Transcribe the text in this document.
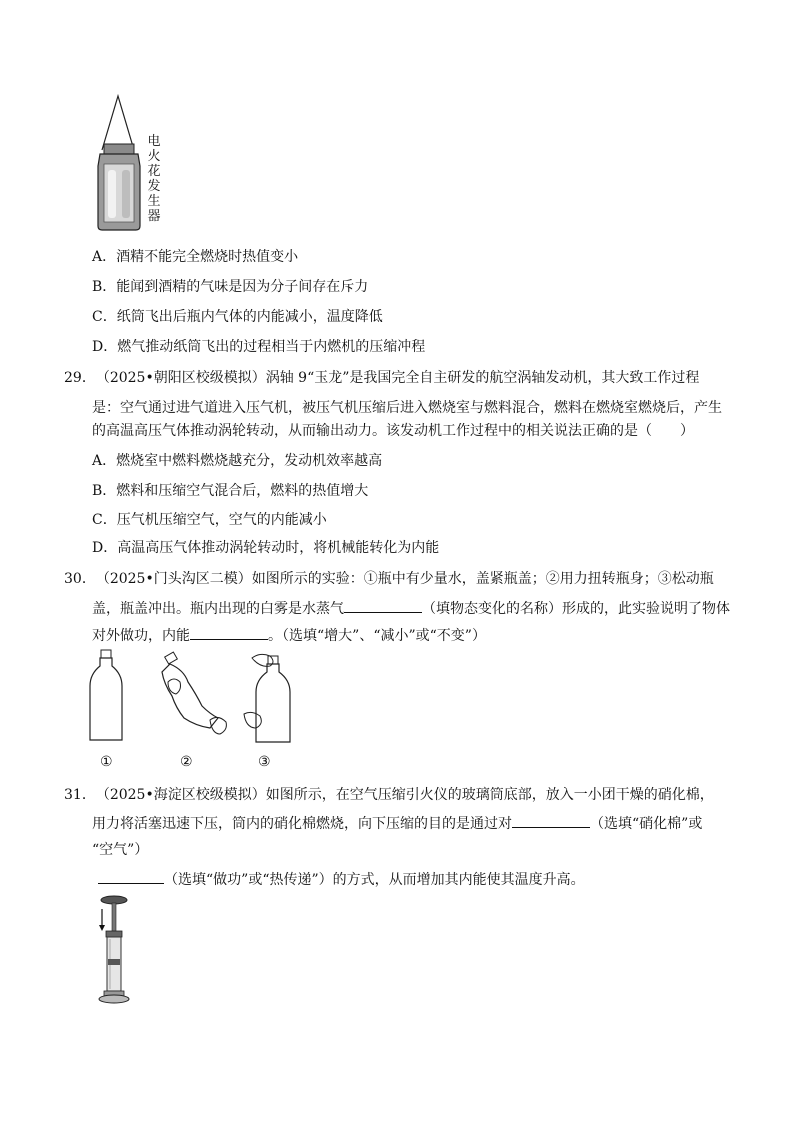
电
火
花
发
生
器
A．酒精不能完全燃烧时热值变小
B．能闻到酒精的气味是因为分子间存在斥力
C．纸筒飞出后瓶内气体的内能减小，温度降低
D．燃气推动纸筒飞出的过程相当于内燃机的压缩冲程
29．（2025•朝阳区校级模拟）涡轴 9“玉龙”是我国完全自主研发的航空涡轴发动机，其大致工作过程
是：空气通过进气道进入压气机，被压气机压缩后进入燃烧室与燃料混合，燃料在燃烧室燃烧后，产生
的高温高压气体推动涡轮转动，从而输出动力。该发动机工作过程中的相关说法正确的是（　　）
A．燃烧室中燃料燃烧越充分，发动机效率越高
B．燃料和压缩空气混合后，燃料的热值增大
C．压气机压缩空气，空气的内能减小
D．高温高压气体推动涡轮转动时，将机械能转化为内能
30．（2025•门头沟区二模）如图所示的实验：①瓶中有少量水，盖紧瓶盖；②用力扭转瓶身；③松动瓶
盖，瓶盖冲出。瓶内出现的白雾是水蒸气	（填物态变化的名称）形成的，此实验说明了物体
对外做功，内能	。（选填“增大”、“减小”或“不变”）
①	②	③
31．（2025•海淀区校级模拟）如图所示，在空气压缩引火仪的玻璃筒底部，放入一小团干燥的硝化棉，
用力将活塞迅速下压，筒内的硝化棉燃烧，向下压缩的目的是通过对	（选填“硝化棉”或
“空气”）
（选填“做功”或“热传递”）的方式，从而增加其内能使其温度升高。
